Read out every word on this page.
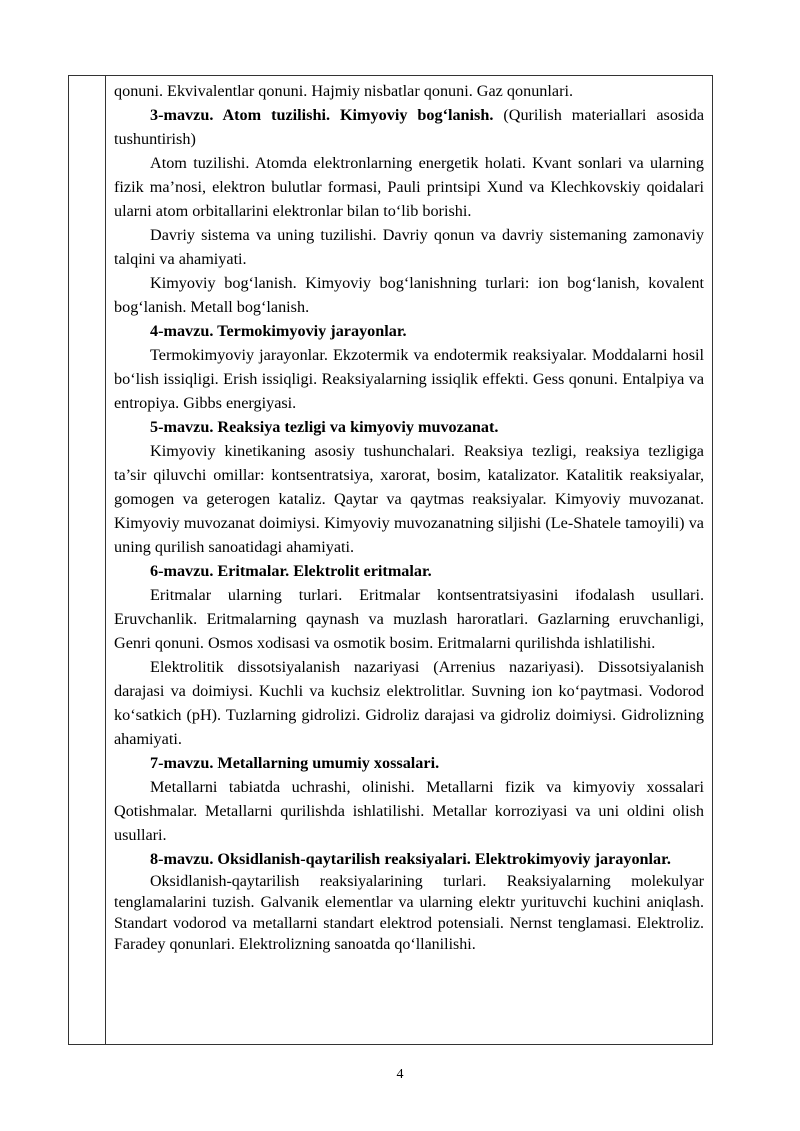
qonuni. Ekvivalentlar qonuni. Hajmiy nisbatlar qonuni. Gaz qonunlari.

3-mavzu. Atom tuzilishi. Kimyoviy bog‘lanish. (Qurilish materiallari asosida tushuntirish)

Atom tuzilishi. Atomda elektronlarning energetik holati. Kvant sonlari va ularning fizik ma’nosi, elektron bulutlar formasi, Pauli printsipi Xund va Klechkovskiy qoidalari ularni atom orbitallarini elektronlar bilan to‘lib borishi.

Davriy sistema va uning tuzilishi. Davriy qonun va davriy sistemaning zamonaviy talqini va ahamiyati.

Kimyoviy bog‘lanish. Kimyoviy bog‘lanishning turlari: ion bog‘lanish, kovalent bog‘lanish. Metall bog‘lanish.

4-mavzu. Termokimyoviy jarayonlar.

Termokimyoviy jarayonlar. Ekzotermik va endotermik reaksiyalar. Moddalarni hosil bo‘lish issiqligi. Erish issiqligi. Reaksiyalarning issiqlik effekti. Gess qonuni. Entalpiya va entropiya. Gibbs energiyasi.

5-mavzu. Reaksiya tezligi va kimyoviy muvozanat.

Kimyoviy kinetikaning asosiy tushunchalari. Reaksiya tezligi, reaksiya tezligiga ta’sir qiluvchi omillar: kontsentratsiya, xarorat, bosim, katalizator. Katalitik reaksiyalar, gomogen va geterogen kataliz. Qaytar va qaytmas reaksiyalar. Kimyoviy muvozanat. Kimyoviy muvozanat doimiysi. Kimyoviy muvozanatning siljishi (Le-Shatele tamoyili) va uning qurilish sanoatidagi ahamiyati.

6-mavzu. Eritmalar. Elektrolit eritmalar.

Eritmalar ularning turlari. Eritmalar kontsentratsiyasini ifodalash usullari. Eruvchanlik. Eritmalarning qaynash va muzlash haroratlari. Gazlarning eruvchanligi, Genri qonuni. Osmos xodisasi va osmotik bosim. Eritmalarni qurilishda ishlatilishi.

Elektrolitik dissotsiyalanish nazariyasi (Arrenius nazariyasi). Dissotsiyalanish darajasi va doimiysi. Kuchli va kuchsiz elektrolitlar. Suvning ion ko‘paytmasi. Vodorod ko‘satkich (pH). Tuzlarning gidrolizi. Gidroliz darajasi va gidroliz doimiysi. Gidrolizning ahamiyati.

7-mavzu. Metallarning umumiy xossalari.

Metallarni tabiatda uchrashi, olinishi. Metallarni fizik va kimyoviy xossalari Qotishmalar. Metallarni qurilishda ishlatilishi. Metallar korroziyasi va uni oldini olish usullari.

8-mavzu. Oksidlanish-qaytarilish reaksiyalari. Elektrokimyoviy jarayonlar.

Oksidlanish-qaytarilish reaksiyalarining turlari. Reaksiyalarning molekulyar tenglamalarini tuzish. Galvanik elementlar va ularning elektr yurituvchi kuchini aniqlash. Standart vodorod va metallarni standart elektrod potensiali. Nernst tenglamasi. Elektroliz. Faradey qonunlari. Elektrolizning sanoatda qo‘llanilishi.

4
